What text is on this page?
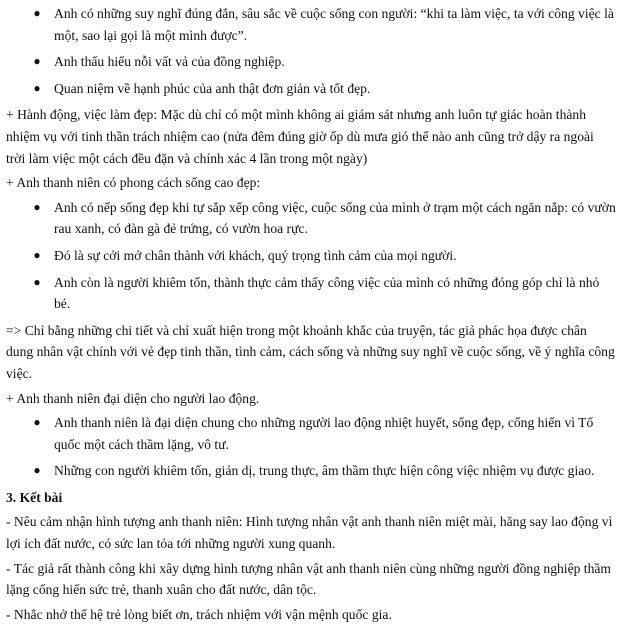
● Anh có những suy nghĩ đúng đắn, sâu sắc về cuộc sống con người: “khi ta làm việc, ta với công việc là một, sao lại gọi là một mình được”.
● Anh thấu hiểu nỗi vất vả của đồng nghiệp.
● Quan niệm về hạnh phúc của anh thật đơn giản và tốt đẹp.
+ Hành động, việc làm đẹp: Mặc dù chỉ có một mình không ai giám sát nhưng anh luôn tự giác hoàn thành nhiệm vụ với tinh thần trách nhiệm cao (nửa đêm đúng giờ ốp dù mưa gió thế nào anh cũng trở dậy ra ngoài trời làm việc một cách đều đặn và chính xác 4 lần trong một ngày)
+ Anh thanh niên có phong cách sống cao đẹp:
● Anh có nếp sống đẹp khi tự sắp xếp công việc, cuộc sống của mình ở trạm một cách ngăn nắp: có vườn rau xanh, có đàn gà đẻ trứng, có vườn hoa rực.
● Đó là sự cởi mở chân thành với khách, quý trọng tình cảm của mọi người.
● Anh còn là người khiêm tốn, thành thực cảm thấy công việc của mình có những đóng góp chỉ là nhỏ bé.
=> Chỉ bằng những chi tiết và chỉ xuất hiện trong một khoảnh khắc của truyện, tác giả phác họa được chân dung nhân vật chính với vẻ đẹp tinh thần, tình cảm, cách sống và những suy nghĩ về cuộc sống, về ý nghĩa công việc.
+ Anh thanh niên đại diện cho người lao động.
● Anh thanh niên là đại diện chung cho những người lao động nhiệt huyết, sống đẹp, cống hiến vì Tổ quốc một cách thầm lặng, vô tư.
● Những con người khiêm tốn, giản dị, trung thực, âm thầm thực hiện công việc nhiệm vụ được giao.
3. Kết bài
- Nêu cảm nhận hình tượng anh thanh niên: Hình tượng nhân vật anh thanh niên miệt mài, hăng say lao động vì lợi ích đất nước, có sức lan tỏa tới những người xung quanh.
- Tác giả rất thành công khi xây dựng hình tượng nhân vật anh thanh niên cùng những người đồng nghiệp thầm lặng cống hiến sức trẻ, thanh xuân cho đất nước, dân tộc.
- Nhắc nhở thế hệ trẻ lòng biết ơn, trách nhiệm với vận mệnh quốc gia.
